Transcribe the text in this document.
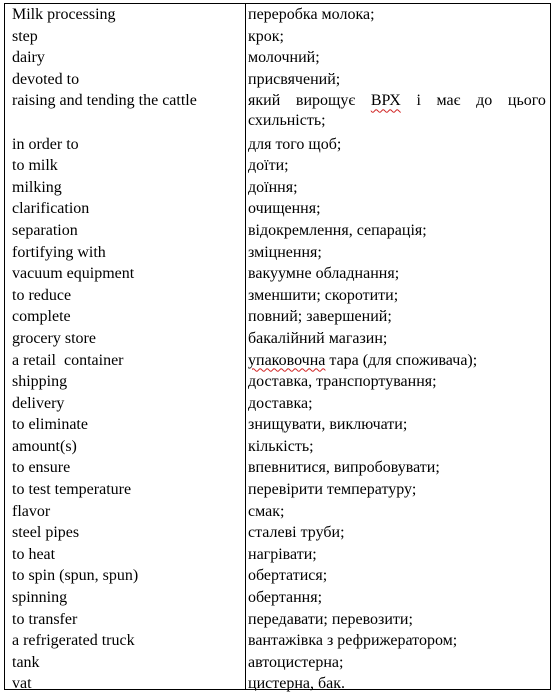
Milk processing
step
dairy
devoted to
raising and tending the cattle
in order to
to milk
milking
clarification
separation
fortifying with
vacuum equipment
to reduce
complete
grocery store
a retail  container
shipping
delivery
to eliminate
amount(s)
to ensure
to test temperature
flavor
steel pipes
to heat
to spin (spun, spun)
spinning
to transfer
a refrigerated truck
tank
vat
переробка молока;
крок;
молочний;
присвячений;
який вирощує ВРХ і має до цього
схильність;
для того щоб;
доїти;
доїння;
очищення;
відокремлення, сепарація;
зміцнення;
вакуумне обладнання;
зменшити; скоротити;
повний; завершений;
бакалійний магазин;
упаковочна тара (для споживача);
доставка, транспортування;
доставка;
знищувати, виключати;
кількість;
впевнитися, випробовувати;
перевірити температуру;
смак;
сталеві труби;
нагрівати;
обертатися;
обертання;
передавати; перевозити;
вантажівка з рефрижератором;
автоцистерна;
цистерна, бак.
